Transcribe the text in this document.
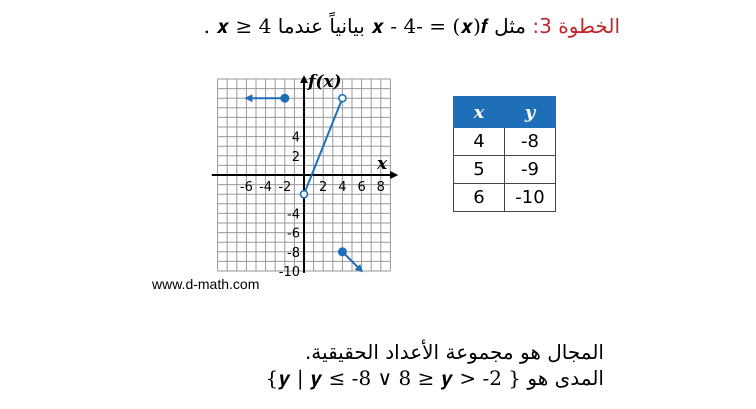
الخطوة 3: مثل 𝒙 - 4- = (𝒙)𝒇 بيانياً عندما 4 ≤ 𝒙 .
-6 -4 -2 2 4 6 8
4
2
-4
-6
-8
-10
𝒇(𝒙)
𝒙
www.d-math.com
𝒙	𝒚
4	-8
5	-9
6	-10
المجال هو مجموعة الأعداد الحقيقية.
المدى هو {𝒚 | 𝒚 ≤ -8 ∨ 8 ≥ 𝒚 > -2 }
